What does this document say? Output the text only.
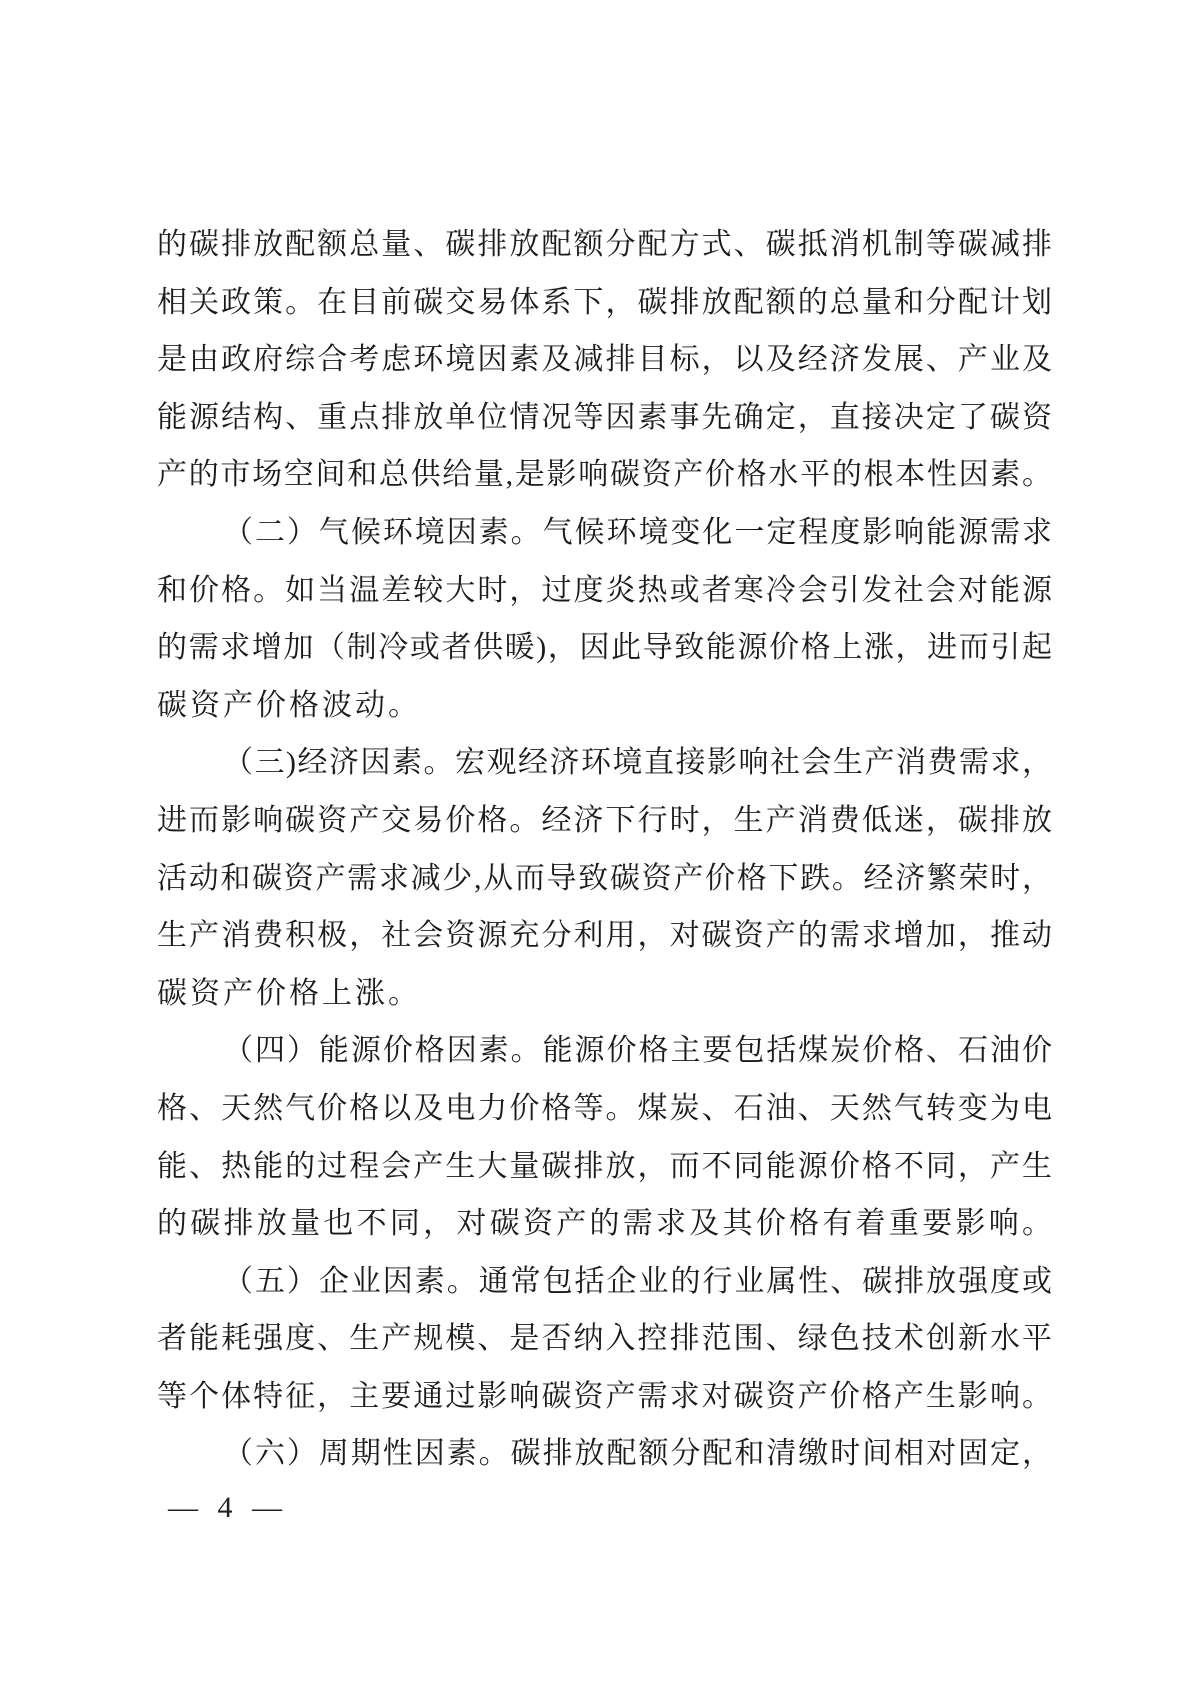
的碳排放配额总量、碳排放配额分配方式、碳抵消机制等碳减排
相关政策。在目前碳交易体系下，碳排放配额的总量和分配计划
是由政府综合考虑环境因素及减排目标，以及经济发展、产业及
能源结构、重点排放单位情况等因素事先确定，直接决定了碳资
产的市场空间和总供给量,是影响碳资产价格水平的根本性因素。
（二）气候环境因素。气候环境变化一定程度影响能源需求
和价格。如当温差较大时，过度炎热或者寒冷会引发社会对能源
的需求增加（制冷或者供暖)，因此导致能源价格上涨，进而引起
碳资产价格波动。
（三)经济因素。宏观经济环境直接影响社会生产消费需求，
进而影响碳资产交易价格。经济下行时，生产消费低迷，碳排放
活动和碳资产需求减少,从而导致碳资产价格下跌。经济繁荣时，
生产消费积极，社会资源充分利用，对碳资产的需求增加，推动
碳资产价格上涨。
（四）能源价格因素。能源价格主要包括煤炭价格、石油价
格、天然气价格以及电力价格等。煤炭、石油、天然气转变为电
能、热能的过程会产生大量碳排放，而不同能源价格不同，产生
的碳排放量也不同，对碳资产的需求及其价格有着重要影响。
（五）企业因素。通常包括企业的行业属性、碳排放强度或
者能耗强度、生产规模、是否纳入控排范围、绿色技术创新水平
等个体特征，主要通过影响碳资产需求对碳资产价格产生影响。
（六）周期性因素。碳排放配额分配和清缴时间相对固定，
— 4 —
